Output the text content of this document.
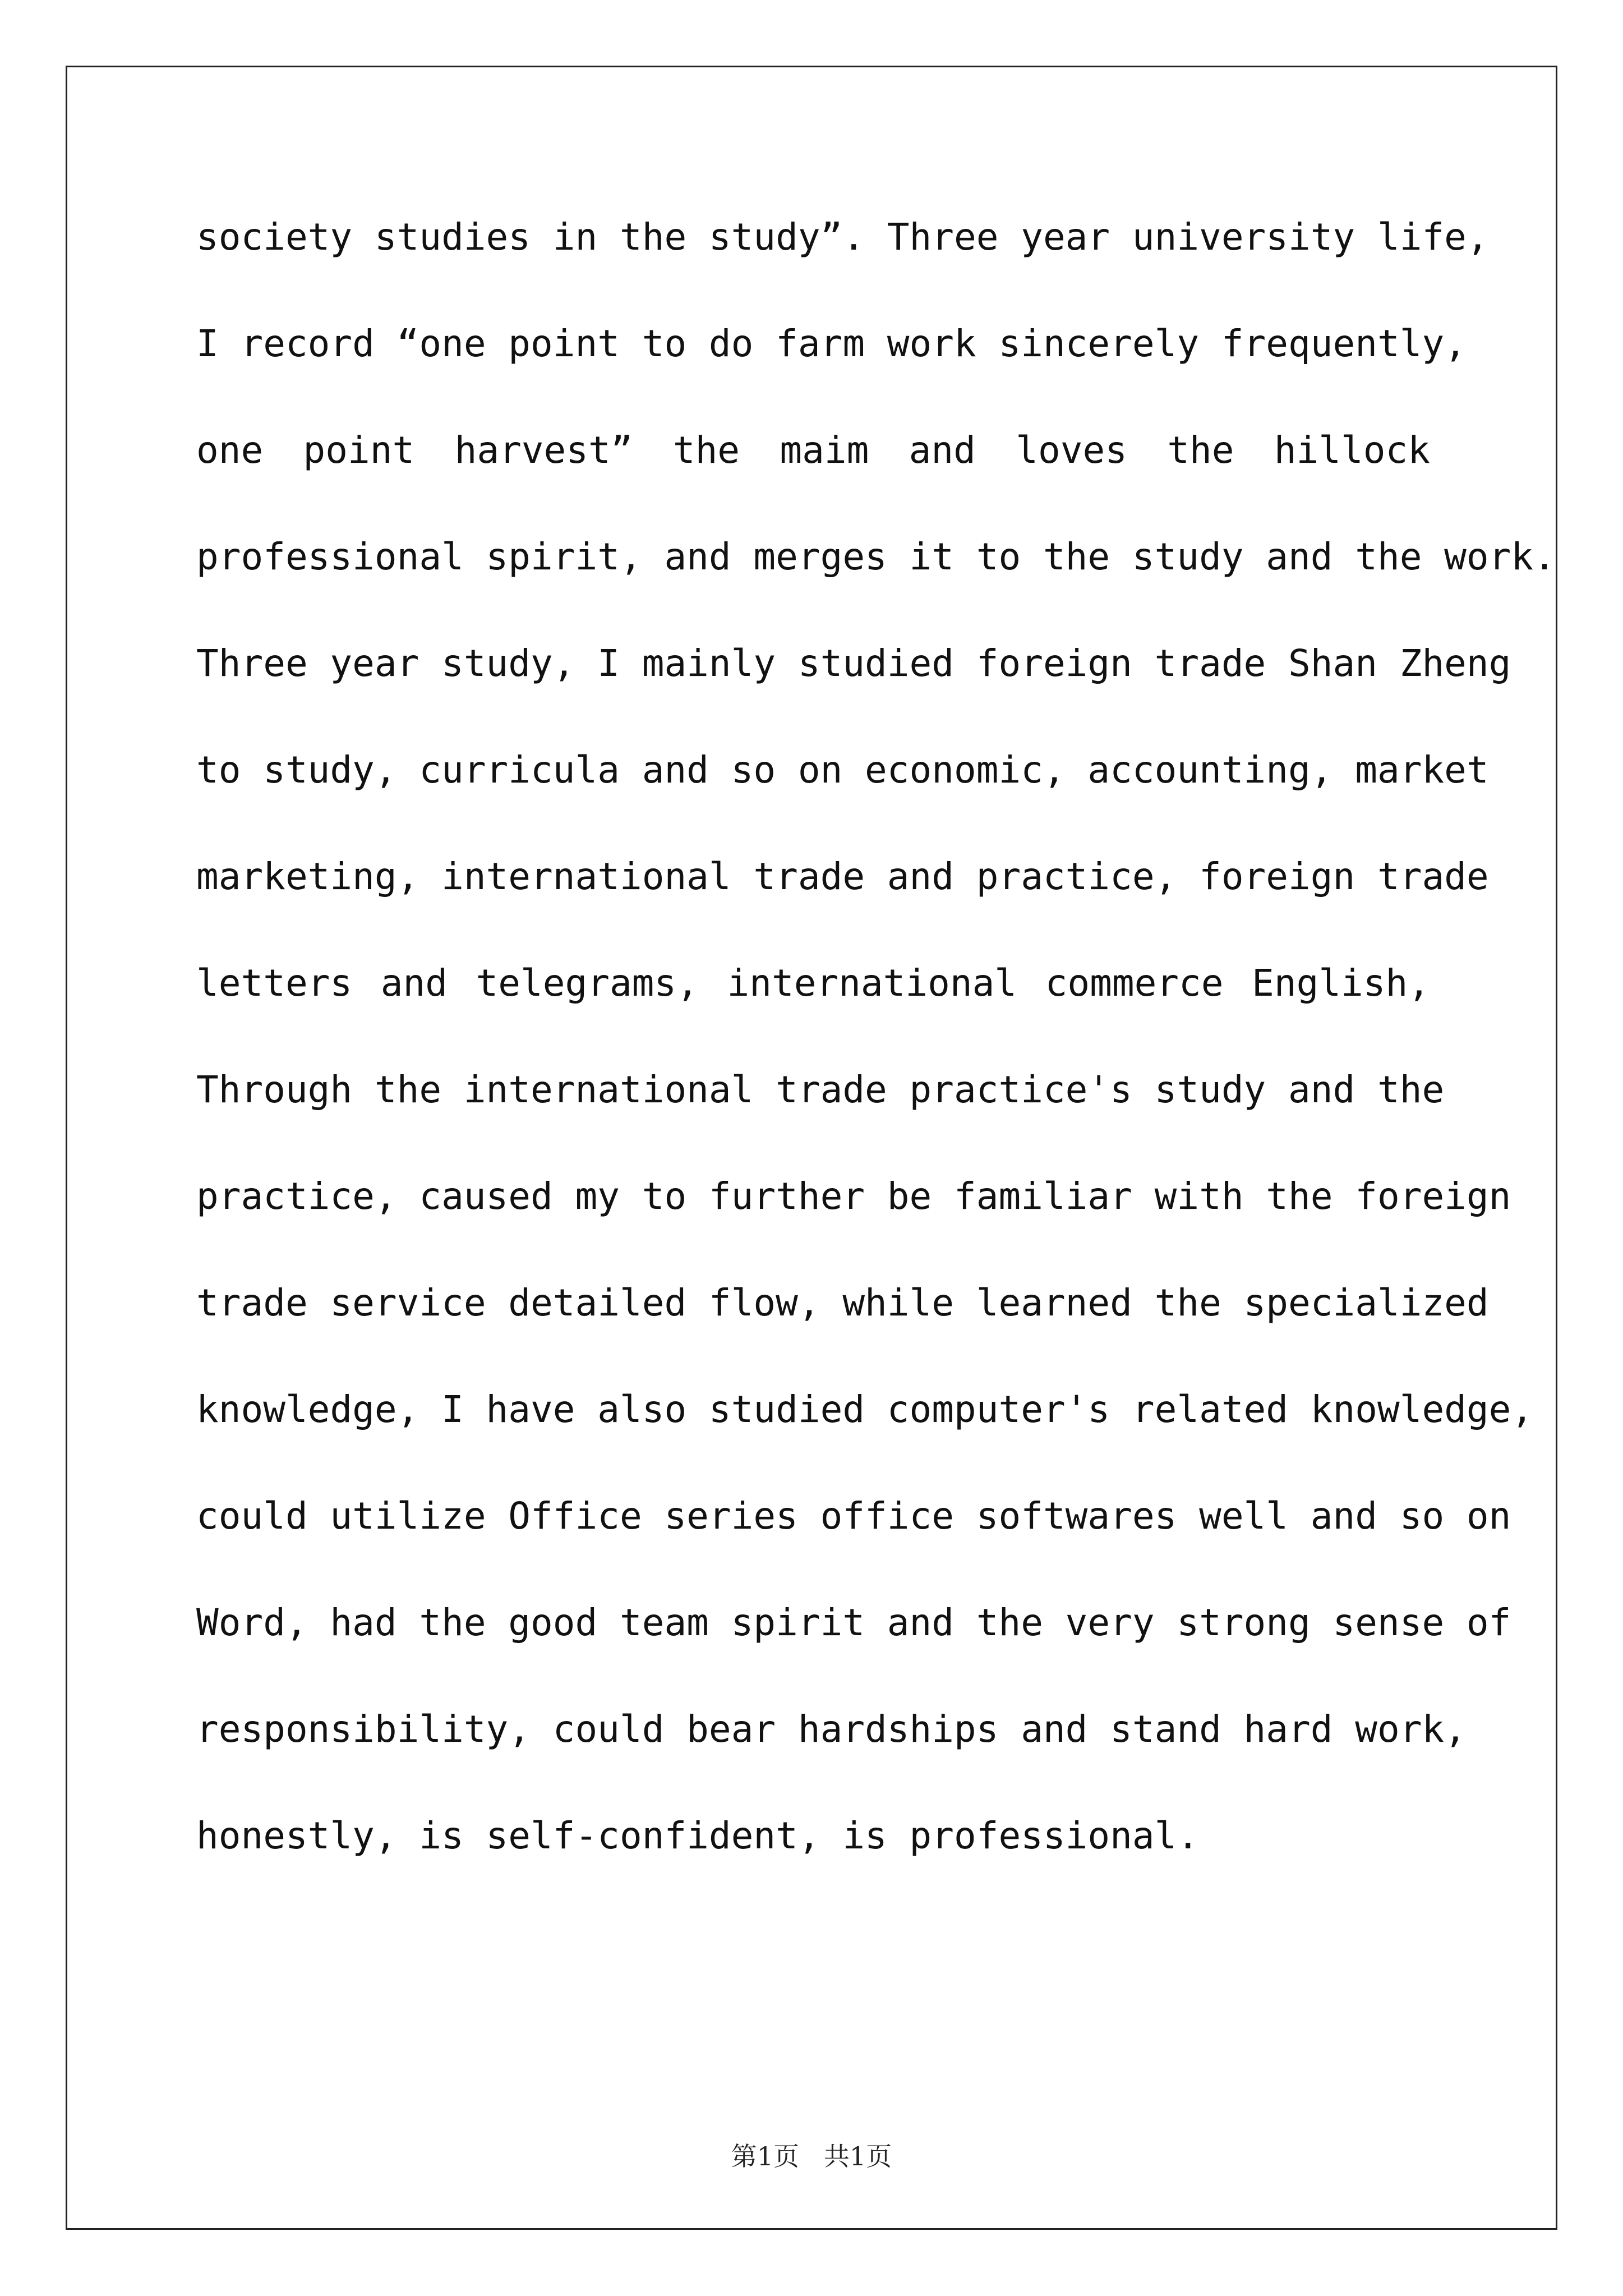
society studies in the study”. Three year university life,
I record “one point to do farm work sincerely frequently,
one point harvest” the maim and loves the hillock
professional spirit, and merges it to the study and the work.
Three year study, I mainly studied foreign trade Shan Zheng
to study, curricula and so on economic, accounting, market
marketing, international trade and practice, foreign trade
letters and telegrams, international commerce English,
Through the international trade practice's study and the
practice, caused my to further be familiar with the foreign
trade service detailed flow, while learned the specialized
knowledge, I have also studied computer's related knowledge,
could utilize Office series office softwares well and so on
Word, had the good team spirit and the very strong sense of
responsibility, could bear hardships and stand hard work,
honestly, is self-confident, is professional.
第1页   共1页
